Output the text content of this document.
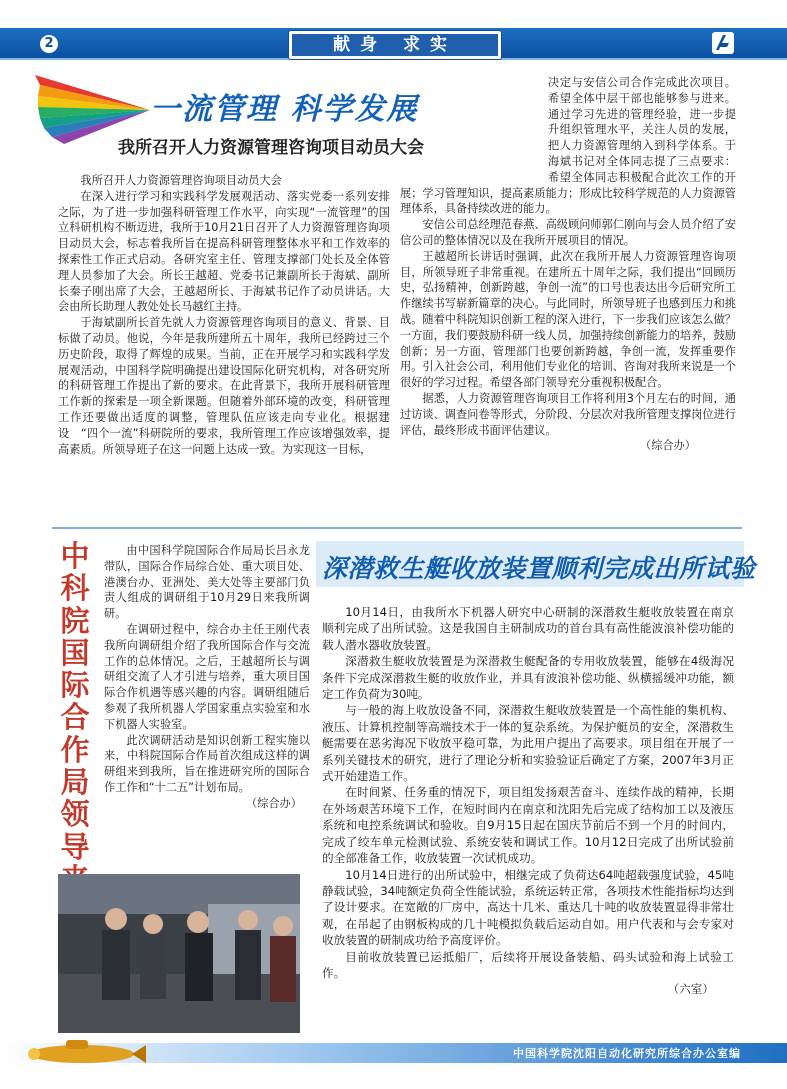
2	献身 求实
一流管理 科学发展
我所召开人力资源管理咨询项目动员大会

我所召开人力资源管理咨询项目动员大会

在深入进行学习和实践科学发展观活动、落实党委一系列安排之际，为了进一步加强科研管理工作水平，向实现“一流管理”的国立科研机构不断迈进，我所于10月21日召开了人力资源管理咨询项目动员大会，标志着我所旨在提高科研管理整体水平和工作效率的探索性工作正式启动。各研究室主任、管理支撑部门处长及全体管理人员参加了大会。所长王越超、党委书记兼副所长于海斌、副所长秦子刚出席了大会，王越超所长、于海斌书记作了动员讲话。大会由所长助理人教处处长马越红主持。

于海斌副所长首先就人力资源管理咨询项目的意义、背景、目标做了动员。他说，今年是我所建所五十周年，我所已经跨过三个历史阶段，取得了辉煌的成果。当前，正在开展学习和实践科学发展观活动，中国科学院明确提出建设国际化研究机构，对各研究所的科研管理工作提出了新的要求。在此背景下，我所开展科研管理工作新的探索是一项全新课题。但随着外部环境的改变，科研管理工作还要做出适度的调整，管理队伍应该走向专业化。根据建设　“四个一流”科研院所的要求，我所管理工作应该增强效率，提高素质。所领导班子在这一问题上达成一致。为实现这一目标，

决定与安信公司合作完成此次项目。希望全体中层干部也能够参与进来。通过学习先进的管理经验，进一步提升组织管理水平，关注人员的发展，把人力资源管理纳入到科学体系。于海斌书记对全体同志提了三点要求：希望全体同志积极配合此次工作的开展；学习管理知识，提高素质能力；形成比较科学规范的人力资源管理体系，具备持续改进的能力。

安信公司总经理范春燕、高级顾问师郭仁刚向与会人员介绍了安信公司的整体情况以及在我所开展项目的情况。

王越超所长讲话时强调，此次在我所开展人力资源管理咨询项目，所领导班子非常重视。在建所五十周年之际，我们提出“回顾历史，弘扬精神，创新跨越，争创一流”的口号也表达出今后研究所工作继续书写崭新篇章的决心。与此同时，所领导班子也感到压力和挑战。随着中科院知识创新工程的深入进行，下一步我们应该怎么做？一方面，我们要鼓励科研一线人员，加强持续创新能力的培养，鼓励创新；另一方面，管理部门也要创新跨越，争创一流，发挥重要作用。引入社会公司，利用他们专业化的培训、咨询对我所来说是一个很好的学习过程。希望各部门领导充分重视积极配合。

据悉，人力资源管理咨询项目工作将利用3个月左右的时间，通过访谈、调查问卷等形式，分阶段、分层次对我所管理支撑岗位进行评估，最终形成书面评估建议。

（综合办）
中科院国际合作局领导

由中国科学院国际合作局局长吕永龙带队，国际合作局综合处、重大项目处、港澳台办、亚洲处、美大处等主要部门负责人组成的调研组于10月29日来我所调研。

在调研过程中，综合办主任王刚代表我所向调研组介绍了我所国际合作与交流工作的总体情况。之后，王越超所长与调研组交流了人才引进与培养，重大项目国际合作机遇等感兴趣的内容。调研组随后参观了我所机器人学国家重点实验室和水下机器人实验室。

此次调研活动是知识创新工程实施以来，中科院国际合作局首次组成这样的调研组来到我所，旨在推进研究所的国际合作工作和“十二五”计划布局。

（综合办）
深潜救生艇收放装置顺利完成出所试验

10月14日，由我所水下机器人研究中心研制的深潜救生艇收放装置在南京顺利完成了出所试验。这是我国自主研制成功的首台具有高性能波浪补偿功能的载人潜水器收放装置。

深潜救生艇收放装置是为深潜救生艇配备的专用收放装置，能够在4级海况条件下完成深潜救生艇的收放作业，并具有波浪补偿功能、纵横摇缓冲功能，额定工作负荷为30吨。

与一般的海上收放设备不同，深潜救生艇收放装置是一个高性能的集机构、液压、计算机控制等高端技术于一体的复杂系统。为保护艇员的安全，深潜救生艇需要在恶劣海况下收放平稳可靠，为此用户提出了高要求。项目组在开展了一系列关键技术的研究，进行了理论分析和实验验证后确定了方案，2007年3月正式开始建造工作。

在时间紧、任务重的情况下，项目组发扬艰苦奋斗、连续作战的精神，长期在外场艰苦环境下工作，在短时间内在南京和沈阳先后完成了结构加工以及液压系统和电控系统调试和验收。自9月15日起在国庆节前后不到一个月的时间内，完成了绞车单元检测试验、系统安装和调试工作。10月12日完成了出所试验前的全部准备工作，收放装置一次试机成功。

10月14日进行的出所试验中，相继完成了负荷达64吨超载强度试验，45吨静载试验，34吨额定负荷全性能试验，系统运转正常，各项技术性能指标均达到了设计要求。在宽敞的厂房中，高达十几米、重达几十吨的收放装置显得非常壮观，在吊起了由钢板构成的几十吨模拟负载后运动自如。用户代表和与会专家对收放装置的研制成功给予高度评价。

目前收放装置已运抵船厂，后续将开展设备装船、码头试验和海上试验工作。

（六室）
中国科学院沈阳自动化研究所综合办公室编
